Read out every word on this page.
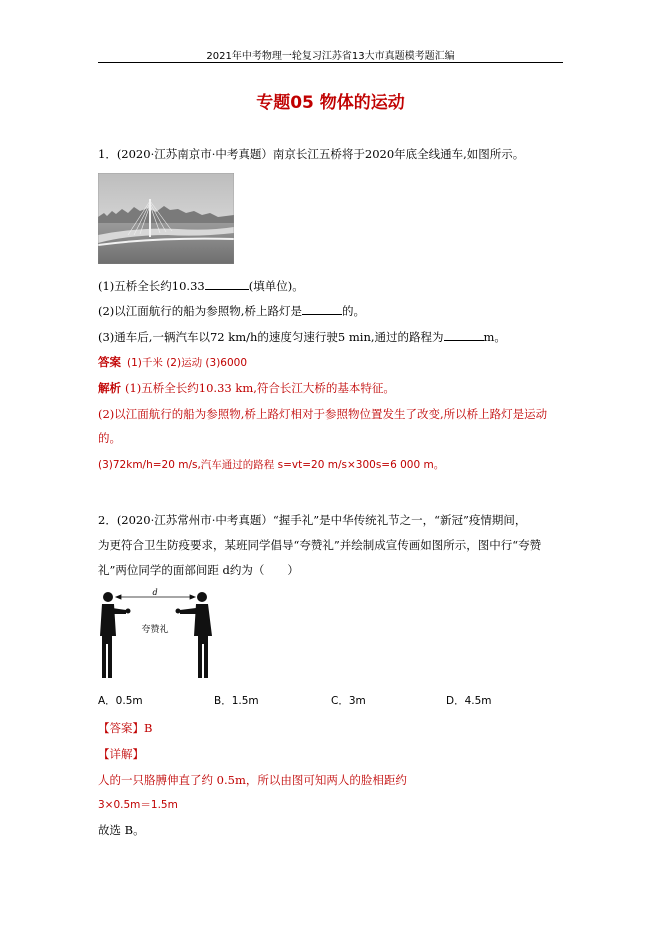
2021年中考物理一轮复习江苏省13大市真题模考题汇编
专题05 物体的运动
1．(2020·江苏南京市·中考真题）南京长江五桥将于2020年底全线通车,如图所示。
(1)五桥全长约10.33	(填单位)。
(2)以江面航行的船为参照物,桥上路灯是	的。
(3)通车后,一辆汽车以72 km/h的速度匀速行驶5 min,通过的路程为	m。
答案 (1)千米 (2)运动 (3)6000
解析 (1)五桥全长约10.33 km,符合长江大桥的基本特征。
(2)以江面航行的船为参照物,桥上路灯相对于参照物位置发生了改变,所以桥上路灯是运动
的。
(3)72km/h=20 m/s,汽车通过的路程 s=vt=20 m/s×300s=6 000 m。
2．(2020·江苏常州市·中考真题）“握手礼”是中华传统礼节之一，“新冠”疫情期间，
为更符合卫生防疫要求，某班同学倡导“夸赞礼”并绘制成宣传画如图所示，图中行“夸赞
礼”两位同学的面部间距 d约为（　　）
d
夸赞礼
A．0.5m	B．1.5m	C．3m	D．4.5m
【答案】B
【详解】
人的一只胳膊伸直了约 0.5m，所以由图可知两人的脸相距约
3×0.5m＝1.5m
故选 B。
